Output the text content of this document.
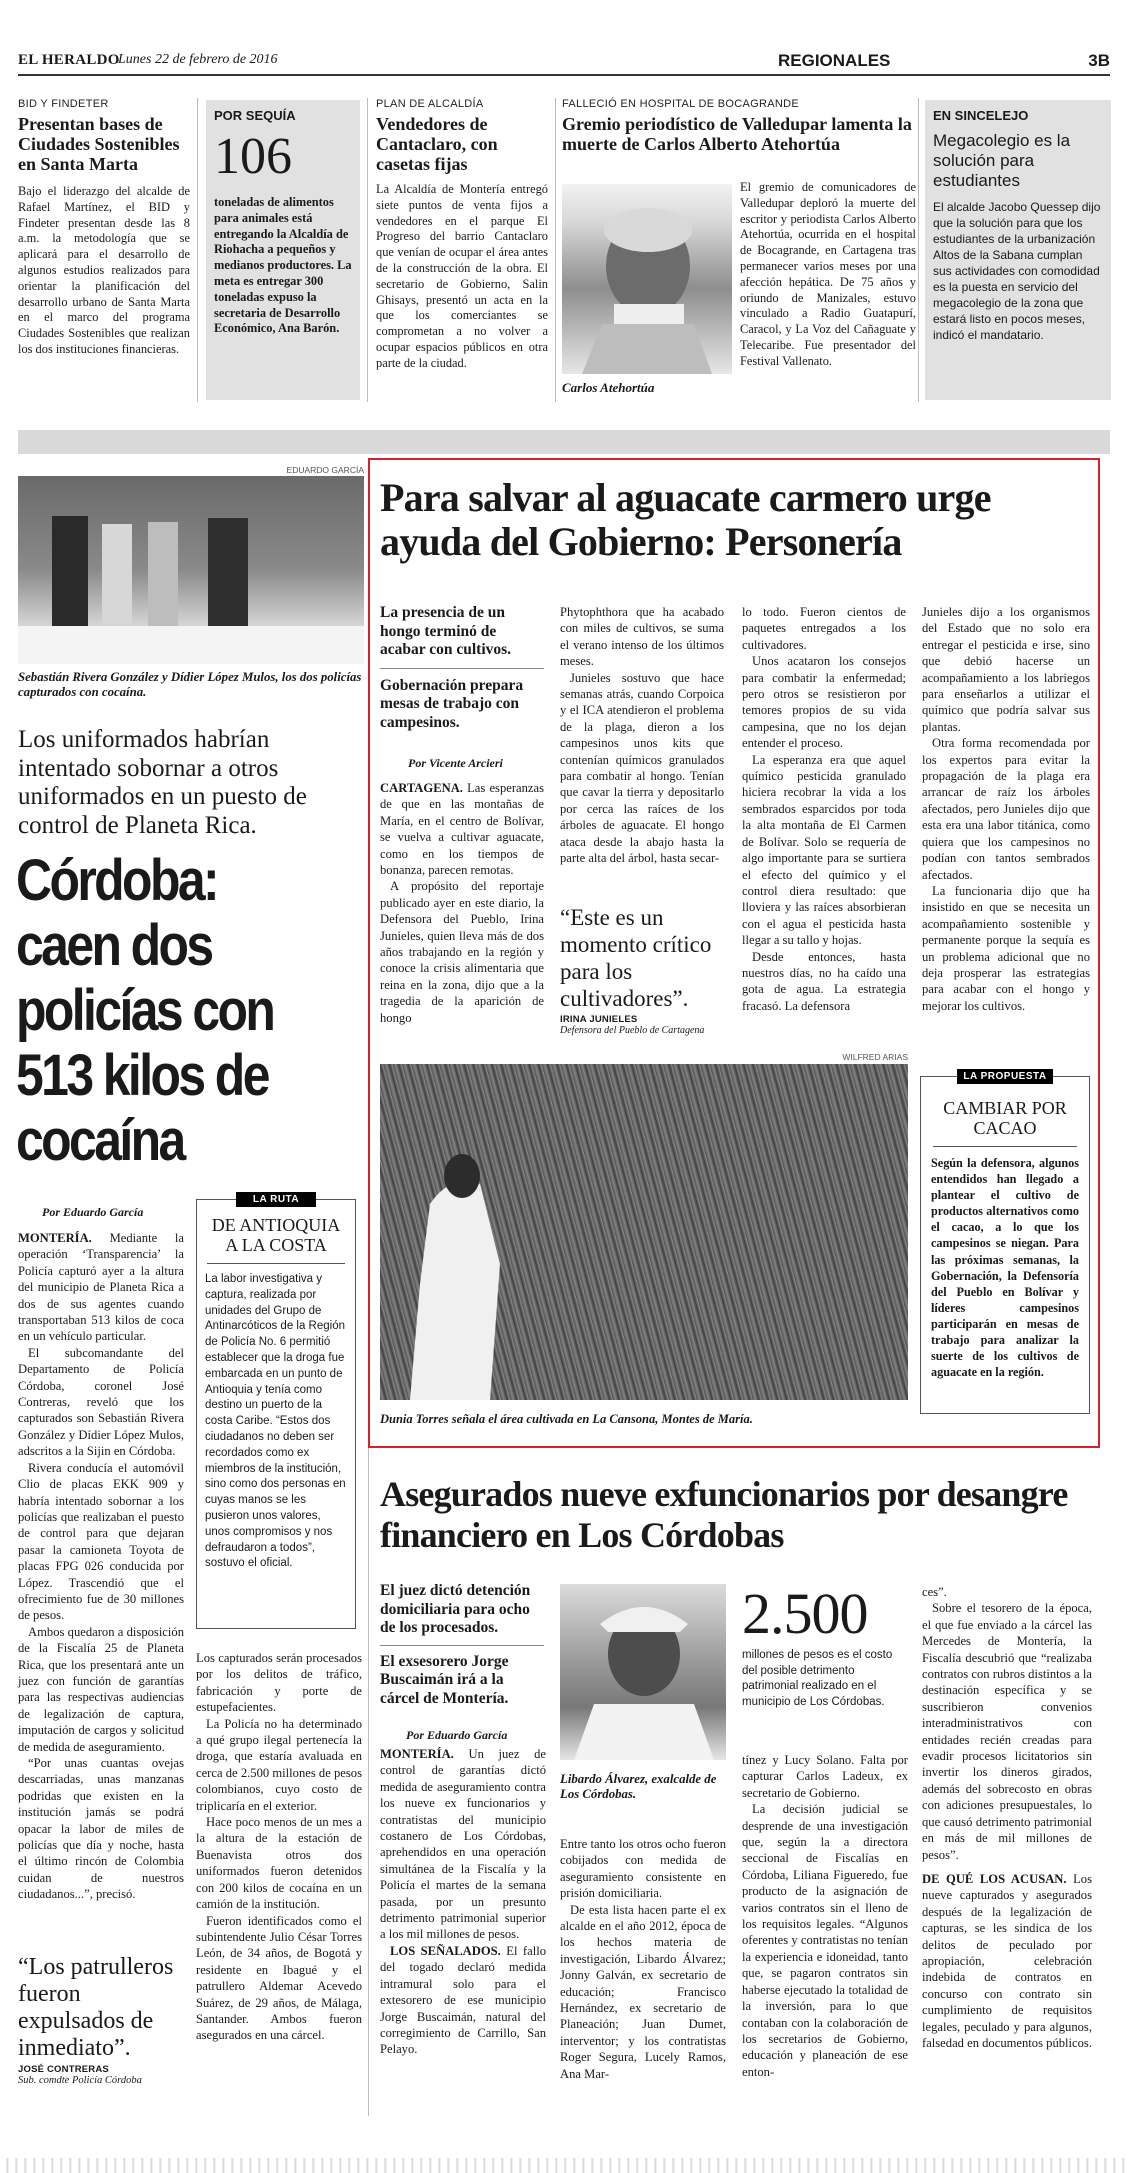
EL HERALDO
Lunes 22 de febrero de 2016	REGIONALES	3B
BID Y FINDETER
Presentan bases de Ciudades Sostenibles en Santa Marta
Bajo el liderazgo del alcalde de Rafael Martínez, el BID y Findeter presentan desde las 8 a.m. la metodología que se aplicará para el desarrollo de algunos estudios realizados para orientar la planificación del desarrollo urbano de Santa Marta en el marco del programa Ciudades Sostenibles que realizan los dos instituciones financieras.
POR SEQUÍA
106
toneladas de alimentos para animales está entregando la Alcaldía de Riohacha a pequeños y medianos productores. La meta es entregar 300 toneladas expuso la secretaria de Desarrollo Económico, Ana Barón.
PLAN DE ALCALDÍA
Vendedores de Cantaclaro, con casetas fijas
La Alcaldía de Montería entregó siete puntos de venta fijos a vendedores en el parque El Progreso del barrio Cantaclaro que venían de ocupar el área antes de la construcción de la obra. El secretario de Gobierno, Salin Ghisays, presentó un acta en la que los comerciantes se comprometan a no volver a ocupar espacios públicos en otra parte de la ciudad.
FALLECIÓ EN HOSPITAL DE BOCAGRANDE
Gremio periodístico de Valledupar lamenta la muerte de Carlos Alberto Atehortúa
Carlos Atehortúa
El gremio de comunicadores de Valledupar deploró la muerte del escritor y periodista Carlos Alberto Atehortúa, ocurrida en el hospital de Bocagrande, en Cartagena tras permanecer varios meses por una afección hepática. De 75 años y oriundo de Manizales, estuvo vinculado a Radio Guatapurí, Caracol, y La Voz del Cañaguate y Telecaribe. Fue presentador del Festival Vallenato.
EN SINCELEJO
Megacolegio es la solución para estudiantes
El alcalde Jacobo Quessep dijo que la solución para que los estudiantes de la urbanización Altos de la Sabana cumplan sus actividades con comodidad es la puesta en servicio del megacolegio de la zona que estará listo en pocos meses, indicó el mandatario.
EDUARDO GARCÍA
Sebastián Rivera González y Dídier López Mulos, los dos policías capturados con cocaína.
Los uniformados habrían intentado sobornar a otros uniformados en un puesto de control de Planeta Rica.
Córdoba: caen dos policías con 513 kilos de cocaína
Por Eduardo García

MONTERÍA. Mediante la operación ‘Transparencia’ la Policía capturó ayer a la altura del municipio de Planeta Rica a dos de sus agentes cuando transportaban 513 kilos de coca en un vehículo particular.

El subcomandante del Departamento de Policía Córdoba, coronel José Contreras, reveló que los capturados son Sebastián Rivera González y Dídier López Mulos, adscritos a la Sijin en Córdoba.

Rivera conducía el automóvil Clio de placas EKK 909 y habría intentado sobornar a los policías que realizaban el puesto de control para que dejaran pasar la camioneta Toyota de placas FPG 026 conducida por López. Trascendió que el ofrecimiento fue de 30 millones de pesos.

Ambos quedaron a disposición de la Fiscalía 25 de Planeta Rica, que los presentará ante un juez con función de garantías para las respectivas audiencias de legalización de captura, imputación de cargos y solicitud de medida de aseguramiento.

“Por unas cuantas ovejas descarriadas, unas manzanas podridas que existen en la institución jamás se podrá opacar la labor de miles de policías que día y noche, hasta el último rincón de Colombia cuidan de nuestros ciudadanos...”, precisó.

“Los patrulleros fueron expulsados de inmediato”.
JOSÉ CONTRERAS
Sub. comdte Policía Córdoba
LA RUTA
DE ANTIOQUIA A LA COSTA
La labor investigativa y captura, realizada por unidades del Grupo de Antinarcóticos de la Región de Policía No. 6 permitió establecer que la droga fue embarcada en un punto de Antioquia y tenía como destino un puerto de la costa Caribe. “Estos dos ciudadanos no deben ser recordados como ex miembros de la institución, sino como dos personas en cuyas manos se les pusieron unos valores, unos compromisos y nos defraudaron a todos”, sostuvo el oficial.

Los capturados serán procesados por los delitos de tráfico, fabricación y porte de estupefacientes.

La Policía no ha determinado a qué grupo ilegal pertenecía la droga, que estaría avaluada en cerca de 2.500 millones de pesos colombianos, cuyo costo de triplicaría en el exterior.

Hace poco menos de un mes a la altura de la estación de Buenavista otros dos uniformados fueron detenidos con 200 kilos de cocaína en un camión de la institución.

Fueron identificados como el subintendente Julio César Torres León, de 34 años, de Bogotá y residente en Ibagué y el patrullero Aldemar Acevedo Suárez, de 29 años, de Málaga, Santander. Ambos fueron asegurados en una cárcel.

Para salvar al aguacate carmero urge ayuda del Gobierno: Personería
La presencia de un hongo terminó de acabar con cultivos.
Gobernación prepara mesas de trabajo con campesinos.
Por Vicente Arcieri

CARTAGENA. Las esperanzas de que en las montañas de María, en el centro de Bolívar, se vuelva a cultivar aguacate, como en los tiempos de bonanza, parecen remotas.

A propósito del reportaje publicado ayer en este diario, la Defensora del Pueblo, Irina Junieles, quien lleva más de dos años trabajando en la región y conoce la crisis alimentaria que reina en la zona, dijo que a la tragedia de la aparición de hongo

Phytophthora que ha acabado con miles de cultivos, se suma el verano intenso de los últimos meses.

Junieles sostuvo que hace semanas atrás, cuando Corpoica y el ICA atendieron el problema de la plaga, dieron a los campesinos unos kits que contenían químicos granulados para combatir al hongo. Tenían que cavar la tierra y depositarlo por cerca las raíces de los árboles de aguacate. El hongo ataca desde la abajo hasta la parte alta del árbol, hasta secar-

“Este es un momento crítico para los cultivadores”.
IRINA JUNIELES
Defensora del Pueblo de Cartagena

lo todo. Fueron cientos de paquetes entregados a los cultivadores.

Unos acataron los consejos para combatir la enfermedad; pero otros se resistieron por temores propios de su vida campesina, que no los dejan entender el proceso.

La esperanza era que aquel químico pesticida granulado hiciera recobrar la vida a los sembrados esparcidos por toda la alta montaña de El Carmen de Bolívar. Solo se requería de algo importante para se surtiera el efecto del químico y el control diera resultado: que lloviera y las raíces absorbieran con el agua el pesticida hasta llegar a su tallo y hojas.

Desde entonces, hasta nuestros días, no ha caído una gota de agua. La estrategia fracasó. La defensora

Junieles dijo a los organismos del Estado que no solo era entregar el pesticida e irse, sino que debió hacerse un acompañamiento a los labriegos para enseñarlos a utilizar el químico que podría salvar sus plantas.

Otra forma recomendada por los expertos para evitar la propagación de la plaga era arrancar de raíz los árboles afectados, pero Junieles dijo que esta era una labor titánica, como quiera que los campesinos no podían con tantos sembrados afectados.

La funcionaria dijo que ha insistido en que se necesita un acompañamiento sostenible y permanente porque la sequía es un problema adicional que no deja prosperar las estrategias para acabar con el hongo y mejorar los cultivos.

WILFRED ARIAS
Dunia Torres señala el área cultivada en La Cansona, Montes de María.
LA PROPUESTA
CAMBIAR POR CACAO
Según la defensora, algunos entendidos han llegado a plantear el cultivo de productos alternativos como el cacao, a lo que los campesinos se niegan. Para las próximas semanas, la Gobernación, la Defensoría del Pueblo en Bolívar y líderes campesinos participarán en mesas de trabajo para analizar la suerte de los cultivos de aguacate en la región.
Asegurados nueve exfuncionarios por desangre financiero en Los Córdobas
El juez dictó detención domiciliaria para ocho de los procesados.
El exsesorero Jorge Buscaimán irá a la cárcel de Montería.
Por Eduardo García

MONTERÍA. Un juez de control de garantías dictó medida de aseguramiento contra los nueve ex funcionarios y contratistas del municipio costanero de Los Córdobas, aprehendidos en una operación simultánea de la Fiscalía y la Policía el martes de la semana pasada, por un presunto detrimento patrimonial superior a los mil millones de pesos.

LOS SEÑALADOS. El fallo del togado declaró medida intramural solo para el extesorero de ese municipio Jorge Buscaimán, natural del corregimiento de Carrillo, San Pelayo.

Libardo Álvarez, exalcalde de Los Córdobas.

Entre tanto los otros ocho fueron cobijados con medida de aseguramiento consistente en prisión domiciliaria.

De esta lista hacen parte el ex alcalde en el año 2012, época de los hechos materia de investigación, Libardo Álvarez; Jonny Galván, ex secretario de educación; Francisco Hernández, ex secretario de Planeación; Juan Dumet, interventor; y los contratistas Roger Segura, Lucely Ramos, Ana Mar-

2.500
millones de pesos es el costo del posible detrimento patrimonial realizado en el municipio de Los Córdobas.

tínez y Lucy Solano. Falta por capturar Carlos Ladeux, ex secretario de Gobierno.

La decisión judicial se desprende de una investigación que, según la a directora seccional de Fiscalías en Córdoba, Liliana Figueredo, fue producto de la asignación de varios contratos sin el lleno de los requisitos legales. “Algunos oferentes y contratistas no tenían la experiencia e idoneidad, tanto que, se pagaron contratos sin haberse ejecutado la totalidad de la inversión, para lo que contaban con la colaboración de los secretarios de Gobierno, educación y planeación de ese enton-

ces”.

Sobre el tesorero de la época, el que fue enviado a la cárcel las Mercedes de Montería, la Fiscalía descubrió que “realizaba contratos con rubros distintos a la destinación específica y se suscribieron convenios interadministrativos con entidades recién creadas para evadir procesos licitatorios sin invertir los dineros girados, además del sobrecosto en obras con adiciones presupuestales, lo que causó detrimento patrimonial en más de mil millones de pesos”.

DE QUÉ LOS ACUSAN. Los nueve capturados y asegurados después de la legalización de capturas, se les sindica de los delitos de peculado por apropiación, celebración indebida de contratos en concurso con contrato sin cumplimiento de requisitos legales, peculado y para algunos, falsedad en documentos públicos.
